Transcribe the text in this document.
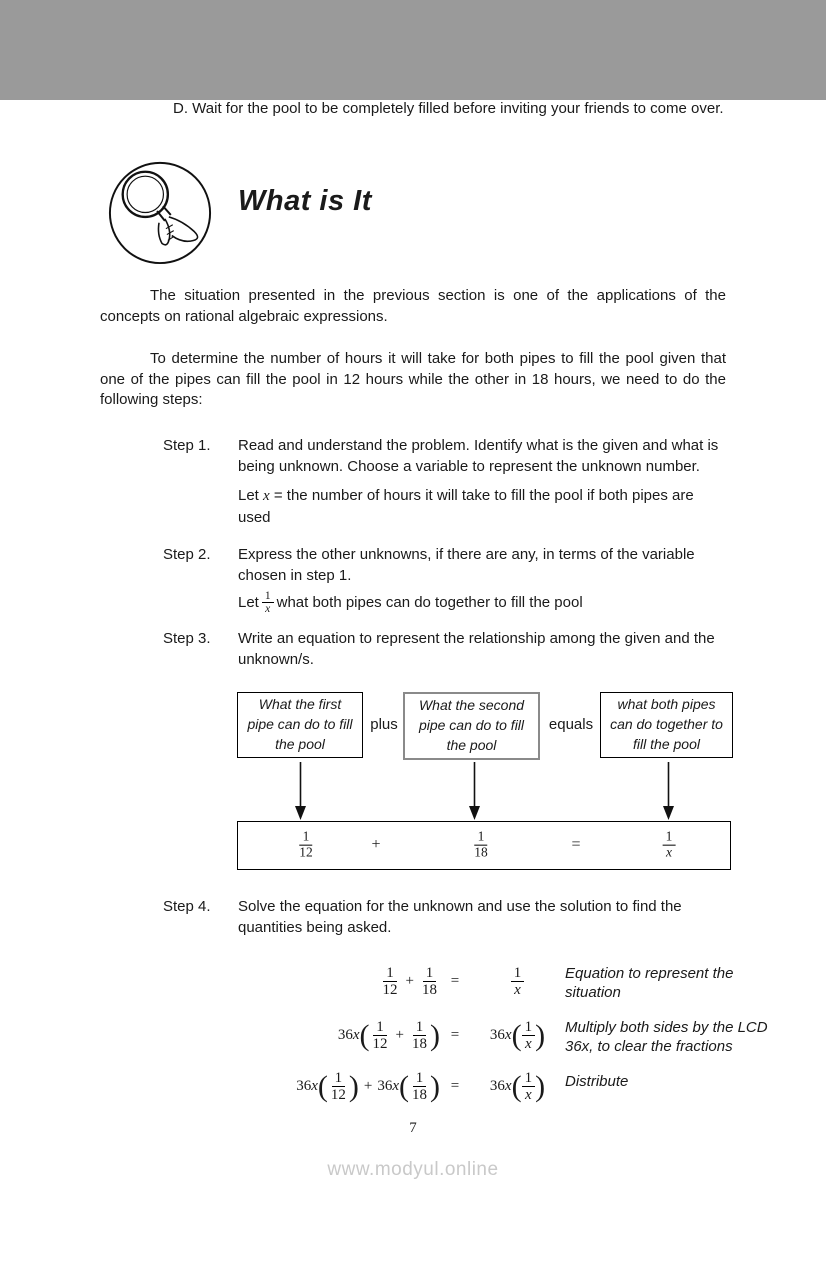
D. Wait for the pool to be completely filled before inviting your friends to come over.

What is It

The situation presented in the previous section is one of the applications of the concepts on rational algebraic expressions.

To determine the number of hours it will take for both pipes to fill the pool given that one of the pipes can fill the pool in 12 hours while the other in 18 hours, we need to do the following steps:

Step 1.	Read and understand the problem. Identify what is the given and what is being unknown. Choose a variable to represent the unknown number.
Let x = the number of hours it will take to fill the pool if both pipes are used
Step 2.	Express the other unknowns, if there are any, in terms of the variable chosen in step 1.
Let $\frac{1}{x}$ what both pipes can do together to fill the pool
Step 3.	Write an equation to represent the relationship among the given and the unknown/s.
What the first pipe can do to fill the pool
plus
What the second pipe can do to fill the pool
equals
what both pipes can do together to fill the pool
$\frac{1}{12}$	+	$\frac{1}{18}$	=	$\frac{1}{x}$
Step 4.	Solve the equation for the unknown and use the solution to find the quantities being asked.
$\frac{1}{12} + \frac{1}{18}$ =	$\frac{1}{x}$	Equation to represent the situation
36 x ( $\frac{1}{12} + \frac{1}{18}$ ) =	36 x ( $\frac{1}{x}$ ) Multiply both sides by the LCD 36x, to clear the fractions
36 x ( $\frac{1}{12}$ ) + 36 x ( $\frac{1}{18}$ ) =	36 x ( $\frac{1}{x}$ ) Distribute
7
www.modyul.online
